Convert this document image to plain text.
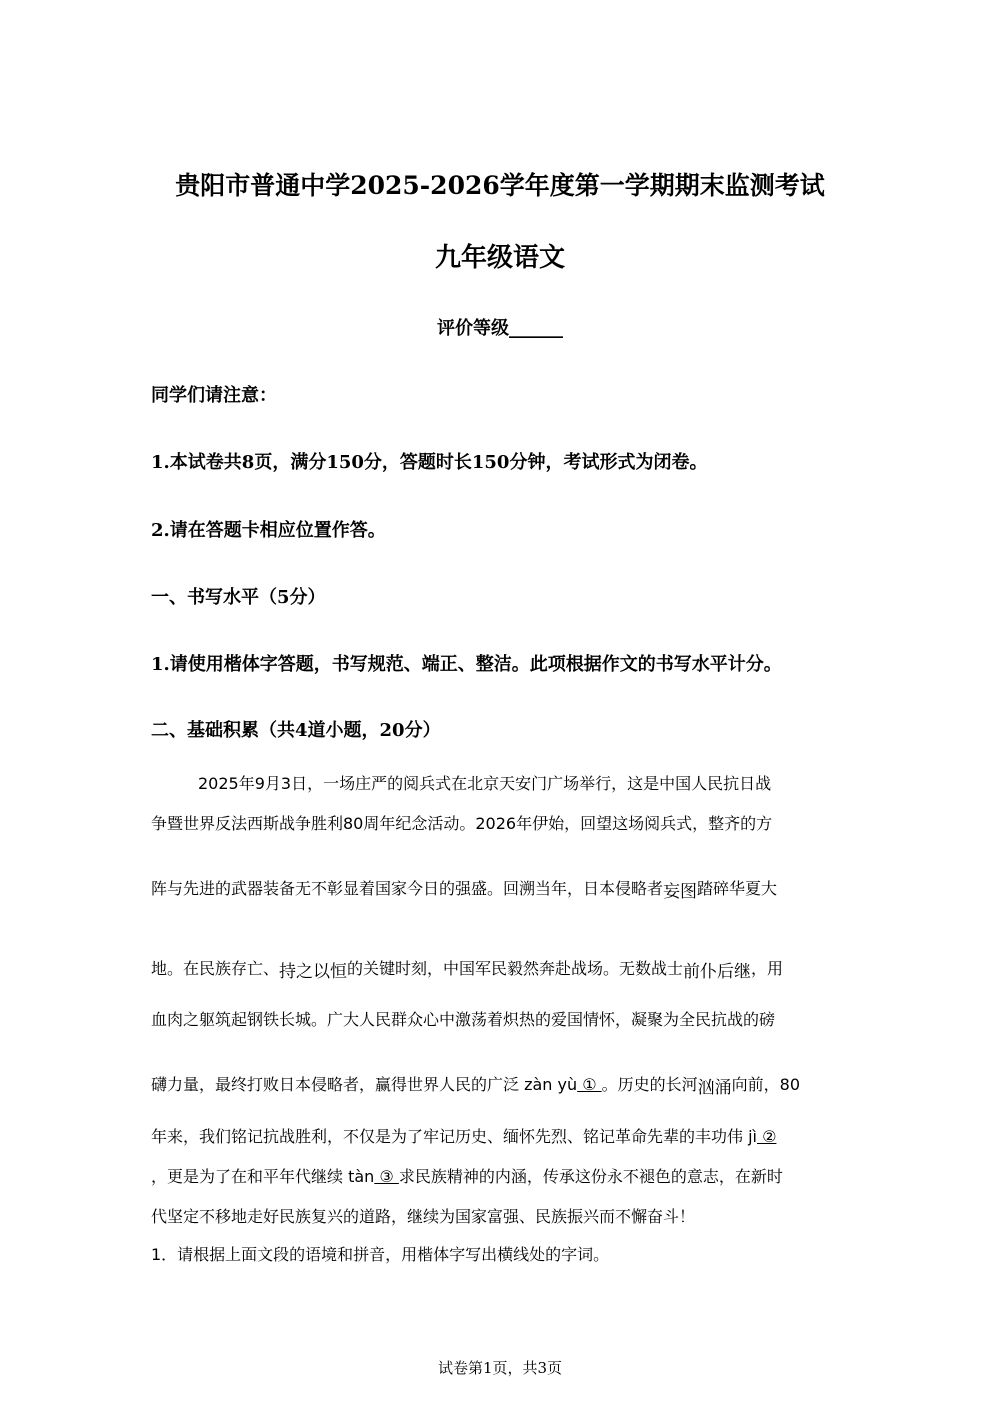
贵阳市普通中学2025-2026学年度第一学期期末监测考试
九年级语文
评价等级______
同学们请注意：
1.本试卷共8页，满分150分，答题时长150分钟，考试形式为闭卷。
2.请在答题卡相应位置作答。
一、书写水平（5分）
1.请使用楷体字答题，书写规范、端正、整洁。此项根据作文的书写水平计分。
二、基础积累（共4道小题，20分）
2025年9月3日，一场庄严的阅兵式在北京天安门广场举行，这是中国人民抗日战
争暨世界反法西斯战争胜利80周年纪念活动。2026年伊始，回望这场阅兵式，整齐的方
阵与先进的武器装备无不彰显着国家今日的强盛。回溯当年，日本侵略者妄图踏碎华夏大
地。在民族存亡、持之以恒的关键时刻，中国军民毅然奔赴战场。无数战士前仆后继，用
血肉之躯筑起钢铁长城。广大人民群众心中激荡着炽热的爱国情怀，凝聚为全民抗战的磅
礴力量，最终打败日本侵略者，赢得世界人民的广泛 zàn yù ① 。历史的长河汹涌向前，80
年来，我们铭记抗战胜利，不仅是为了牢记历史、缅怀先烈、铭记革命先辈的丰功伟 jì ②
，更是为了在和平年代继续 tàn ③ 求民族精神的内涵，传承这份永不褪色的意志，在新时
代坚定不移地走好民族复兴的道路，继续为国家富强、民族振兴而不懈奋斗！
1．请根据上面文段的语境和拼音，用楷体字写出横线处的字词。
试卷第1页，共3页
